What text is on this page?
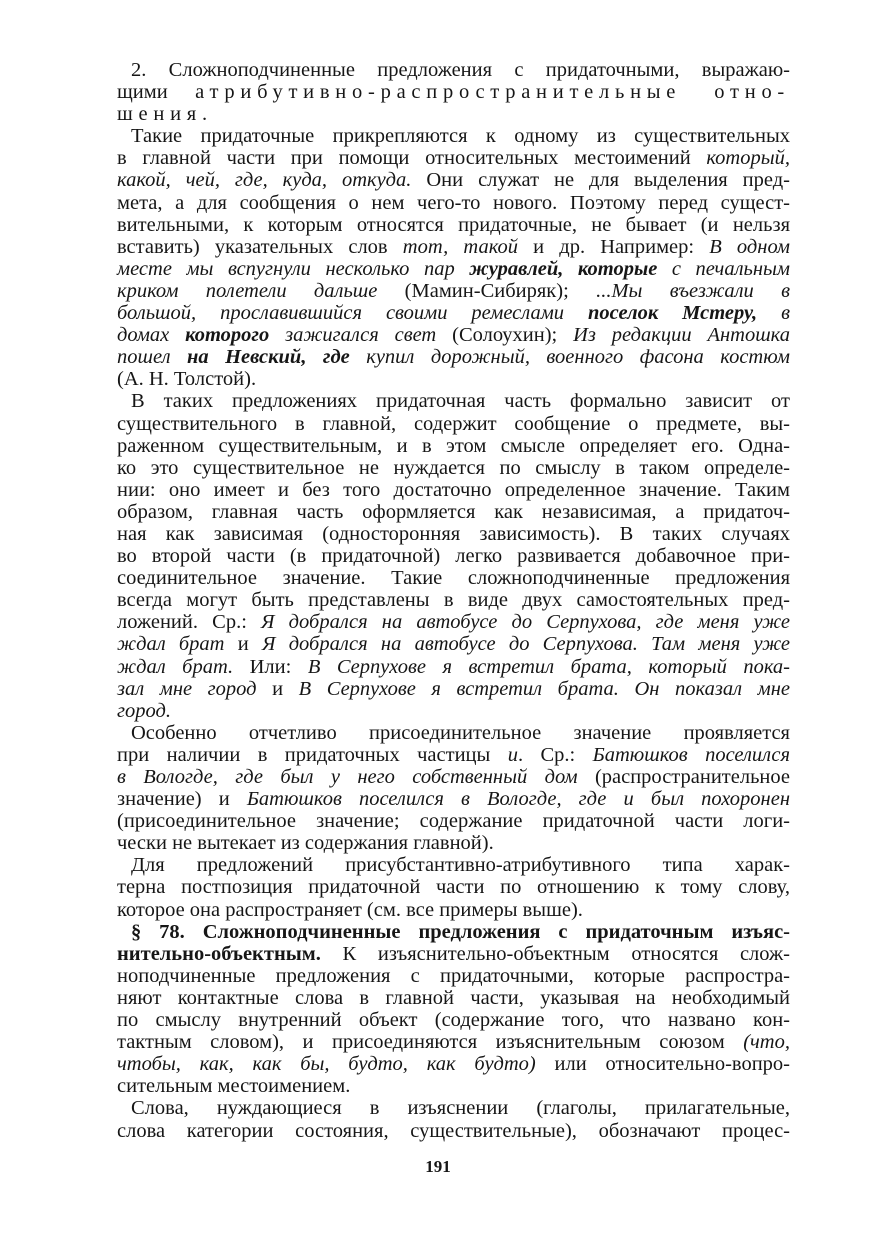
2. Сложноподчиненные предложения с придаточными, выражаю-
щими атрибутивно-распространительные отно-
шения.
Такие придаточные прикрепляются к одному из существительных
в главной части при помощи относительных местоимений который,
какой, чей, где, куда, откуда. Они служат не для выделения пред-
мета, а для сообщения о нем чего-то нового. Поэтому перед сущест-
вительными, к которым относятся придаточные, не бывает (и нельзя
вставить) указательных слов тот, такой и др. Например: В одном
месте мы вспугнули несколько пар журавлей, которые с печальным
криком полетели дальше (Мамин-Сибиряк); ...Мы въезжали в
большой, прославившийся своими ремеслами поселок Мстеру, в
домах которого зажигался свет (Солоухин); Из редакции Антошка
пошел на Невский, где купил дорожный, военного фасона костюм
(А. Н. Толстой).
В таких предложениях придаточная часть формально зависит от
существительного в главной, содержит сообщение о предмете, вы-
раженном существительным, и в этом смысле определяет его. Одна-
ко это существительное не нуждается по смыслу в таком определе-
нии: оно имеет и без того достаточно определенное значение. Таким
образом, главная часть оформляется как независимая, а придаточ-
ная как зависимая (односторонняя зависимость). В таких случаях
во второй части (в придаточной) легко развивается добавочное при-
соединительное значение. Такие сложноподчиненные предложения
всегда могут быть представлены в виде двух самостоятельных пред-
ложений. Ср.: Я добрался на автобусе до Серпухова, где меня уже
ждал брат и Я добрался на автобусе до Серпухова. Там меня уже
ждал брат. Или: В Серпухове я встретил брата, который пока-
зал мне город и В Серпухове я встретил брата. Он показал мне
город.
Особенно отчетливо присоединительное значение проявляется
при наличии в придаточных частицы и. Ср.: Батюшков поселился
в Вологде, где был у него собственный дом (распространительное
значение) и Батюшков поселился в Вологде, где и был похоронен
(присоединительное значение; содержание придаточной части логи-
чески не вытекает из содержания главной).
Для предложений присубстантивно-атрибутивного типа харак-
терна постпозиция придаточной части по отношению к тому слову,
которое она распространяет (см. все примеры выше).
§ 78. Сложноподчиненные предложения с придаточным изъяс-
нительно-объектным. К изъяснительно-объектным относятся слож-
ноподчиненные предложения с придаточными, которые распростра-
няют контактные слова в главной части, указывая на необходимый
по смыслу внутренний объект (содержание того, что названо кон-
тактным словом), и присоединяются изъяснительным союзом (что,
чтобы, как, как бы, будто, как будто) или относительно-вопро-
сительным местоимением.
Слова, нуждающиеся в изъяснении (глаголы, прилагательные,
слова категории состояния, существительные), обозначают процес-
191
